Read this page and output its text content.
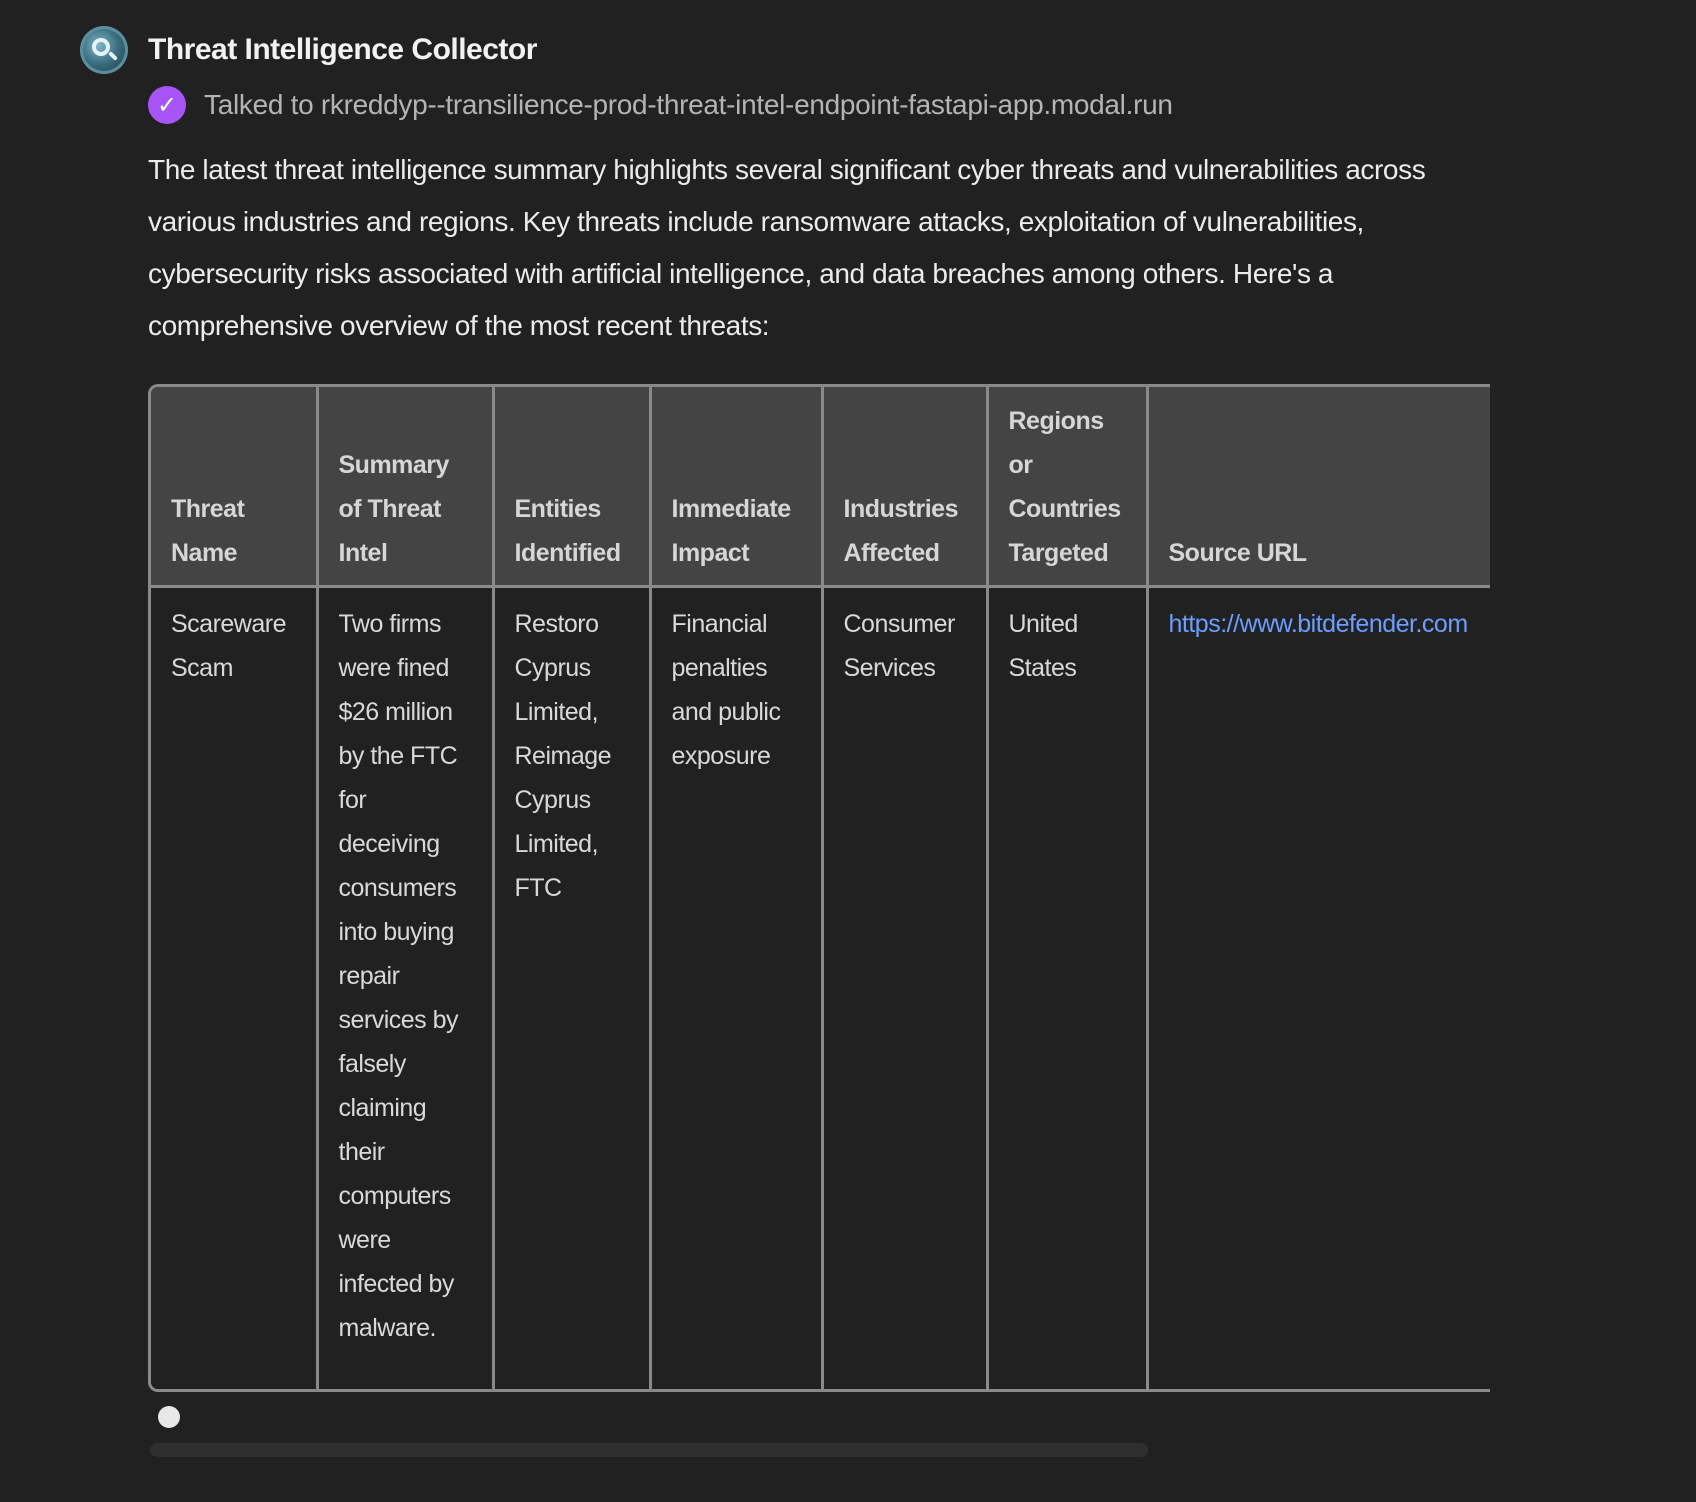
Threat Intelligence Collector
✓ Talked to rkreddyp--transilience-prod-threat-intel-endpoint-fastapi-app.modal.run

The latest threat intelligence summary highlights several significant cyber threats and vulnerabilities across various industries and regions. Key threats include ransomware attacks, exploitation of vulnerabilities, cybersecurity risks associated with artificial intelligence, and data breaches among others. Here's a comprehensive overview of the most recent threats:

Threat Name	Summary of Threat Intel	Entities Identified	Immediate Impact	Industries Affected	Regions or Countries Targeted	Source URL
Scareware Scam	Two firms were fined $26 million by the FTC for deceiving consumers into buying repair services by falsely claiming their computers were infected by malware.	Restoro Cyprus Limited, Reimage Cyprus Limited, FTC	Financial penalties and public exposure	Consumer Services	United States	https://www.bitdefender.com
